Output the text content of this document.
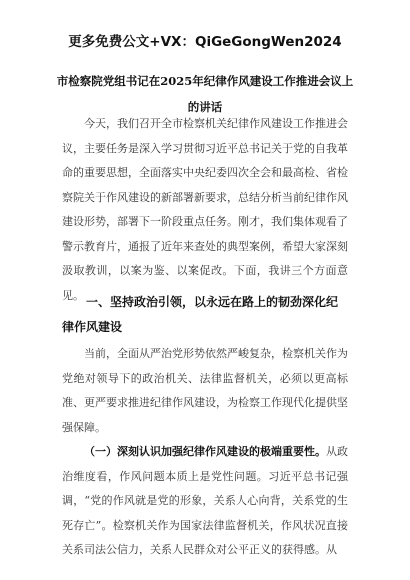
更多免费公文+VX：QiGeGongWen2024
市检察院党组书记在2025年纪律作风建设工作推进会议上
的讲话

今天，我们召开全市检察机关纪律作风建设工作推进会议，主要任务是深入学习贯彻习近平总书记关于党的自我革命的重要思想，全面落实中央纪委四次全会和最高检、省检察院关于作风建设的新部署新要求，总结分析当前纪律作风建设形势，部署下一阶段重点任务。刚才，我们集体观看了警示教育片，通报了近年来查处的典型案例，希望大家深刻汲取教训，以案为鉴、以案促改。下面，我讲三个方面意见。 一、坚持政治引领，以永远在路上的韧劲深化纪律作风建设

当前，全面从严治党形势依然严峻复杂，检察机关作为党绝对领导下的政治机关、法律监督机关，必须以更高标准、更严要求推进纪律作风建设，为检察工作现代化提供坚强保障。

（一）深刻认识加强纪律作风建设的极端重要性。从政治维度看，作风问题本质上是党性问题。习近平总书记强调，“党的作风就是党的形象，关系人心向背，关系党的生死存亡”。检察机关作为国家法律监督机关，作风状况直接关系司法公信力，关系人民群众对公平正义的获得感。从
